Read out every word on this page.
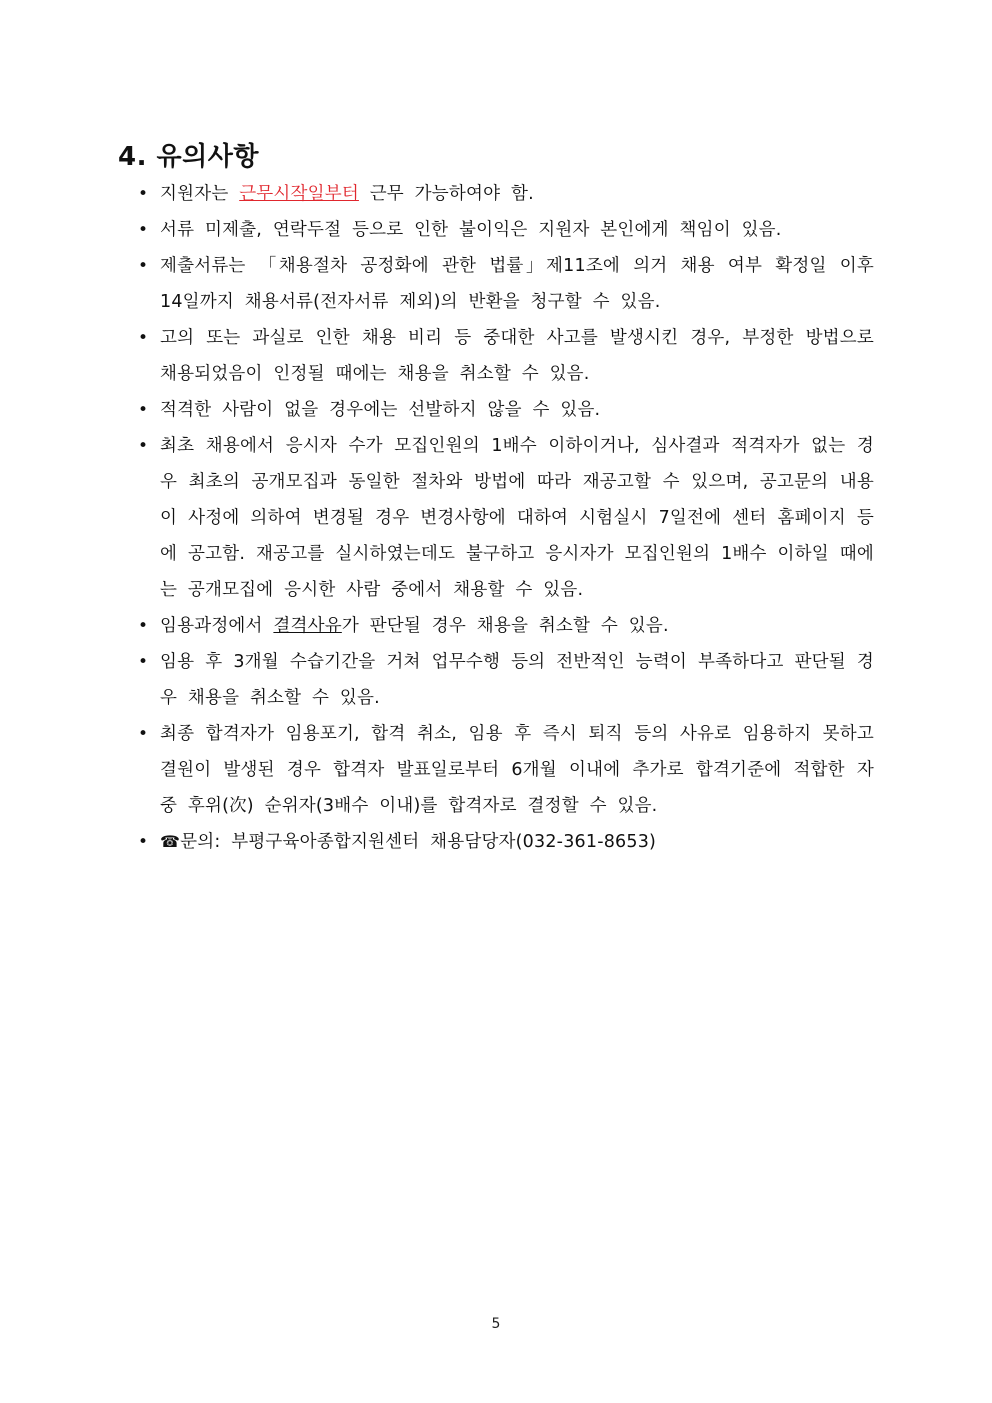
4. 유의사항
• 지원자는 근무시작일부터 근무 가능하여야 함.
• 서류 미제출, 연락두절 등으로 인한 불이익은 지원자 본인에게 책임이 있음.
• 제출서류는 「채용절차 공정화에 관한 법률」제11조에 의거 채용 여부 확정일 이후 14일까지 채용서류(전자서류 제외)의 반환을 청구할 수 있음.
• 고의 또는 과실로 인한 채용 비리 등 중대한 사고를 발생시킨 경우, 부정한 방법으로 채용되었음이 인정될 때에는 채용을 취소할 수 있음.
• 적격한 사람이 없을 경우에는 선발하지 않을 수 있음.
• 최초 채용에서 응시자 수가 모집인원의 1배수 이하이거나, 심사결과 적격자가 없는 경우 최초의 공개모집과 동일한 절차와 방법에 따라 재공고할 수 있으며, 공고문의 내용이 사정에 의하여 변경될 경우 변경사항에 대하여 시험실시 7일전에 센터 홈페이지 등에 공고함. 재공고를 실시하였는데도 불구하고 응시자가 모집인원의 1배수 이하일 때에는 공개모집에 응시한 사람 중에서 채용할 수 있음.
• 임용과정에서 결격사유가 판단될 경우 채용을 취소할 수 있음.
• 임용 후 3개월 수습기간을 거쳐 업무수행 등의 전반적인 능력이 부족하다고 판단될 경우 채용을 취소할 수 있음.
• 최종 합격자가 임용포기, 합격 취소, 임용 후 즉시 퇴직 등의 사유로 임용하지 못하고 결원이 발생된 경우 합격자 발표일로부터 6개월 이내에 추가로 합격기준에 적합한 자 중 후위(次) 순위자(3배수 이내)를 합격자로 결정할 수 있음.
• ☎문의: 부평구육아종합지원센터 채용담당자(032-361-8653)
5
